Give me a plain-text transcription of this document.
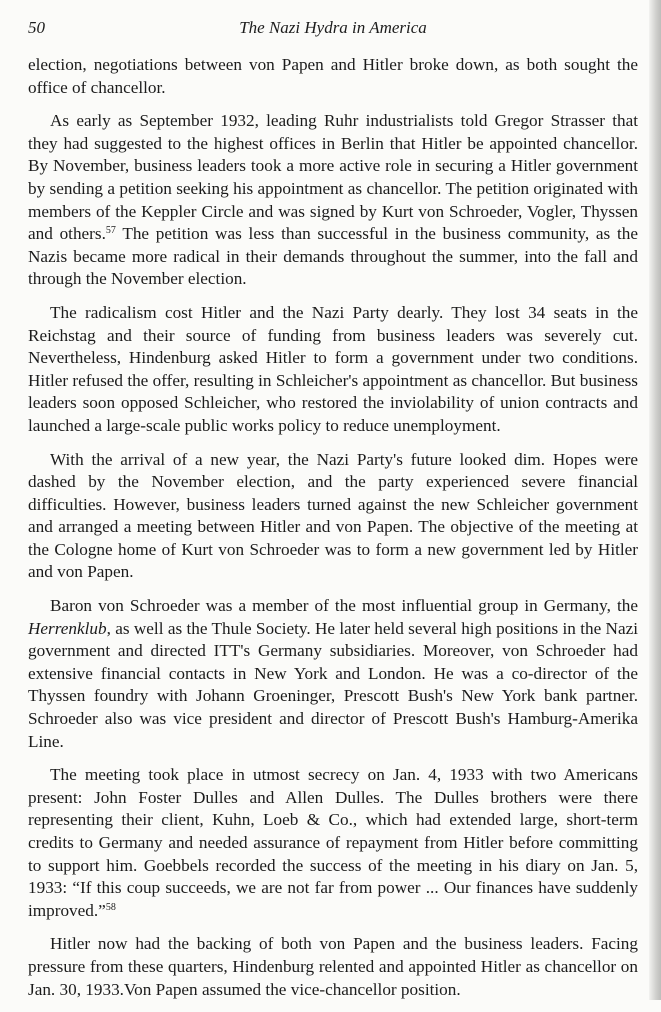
The Nazi Hydra in America
50

election, negotiations between von Papen and Hitler broke down, as both sought the office of chancellor.

As early as September 1932, leading Ruhr industrialists told Gregor Strasser that they had suggested to the highest offices in Berlin that Hitler be appointed chancellor. By November, business leaders took a more active role in securing a Hitler government by sending a petition seeking his appointment as chancellor. The petition originated with members of the Keppler Circle and was signed by Kurt von Schroeder, Vogler, Thyssen and others.$^{57}$ The petition was less than successful in the business community, as the Nazis became more radical in their demands throughout the summer, into the fall and through the November election.

The radicalism cost Hitler and the Nazi Party dearly. They lost 34 seats in the Reichstag and their source of funding from business leaders was severely cut. Nevertheless, Hindenburg asked Hitler to form a government under two conditions. Hitler refused the offer, resulting in Schleicher's appointment as chancellor. But business leaders soon opposed Schleicher, who restored the inviolability of union contracts and launched a large-scale public works policy to reduce unemployment.

With the arrival of a new year, the Nazi Party's future looked dim. Hopes were dashed by the November election, and the party experienced severe financial difficulties. However, business leaders turned against the new Schleicher government and arranged a meeting between Hitler and von Papen. The objective of the meeting at the Cologne home of Kurt von Schroeder was to form a new government led by Hitler and von Papen.

Baron von Schroeder was a member of the most influential group in Germany, the Herrenklub, as well as the Thule Society. He later held several high positions in the Nazi government and directed ITT's Germany subsidiaries. Moreover, von Schroeder had extensive financial contacts in New York and London. He was a co-director of the Thyssen foundry with Johann Groeninger, Prescott Bush's New York bank partner. Schroeder also was vice president and director of Prescott Bush's Hamburg-Amerika Line.

The meeting took place in utmost secrecy on Jan. 4, 1933 with two Americans present: John Foster Dulles and Allen Dulles. The Dulles brothers were there representing their client, Kuhn, Loeb & Co., which had extended large, short-term credits to Germany and needed assurance of repayment from Hitler before committing to support him. Goebbels recorded the success of the meeting in his diary on Jan. 5, 1933: “If this coup succeeds, we are not far from power ... Our finances have suddenly improved.”$^{58}$

Hitler now had the backing of both von Papen and the business leaders. Facing pressure from these quarters, Hindenburg relented and appointed Hitler as chancellor on Jan. 30, 1933.Von Papen assumed the vice-chancellor position.
